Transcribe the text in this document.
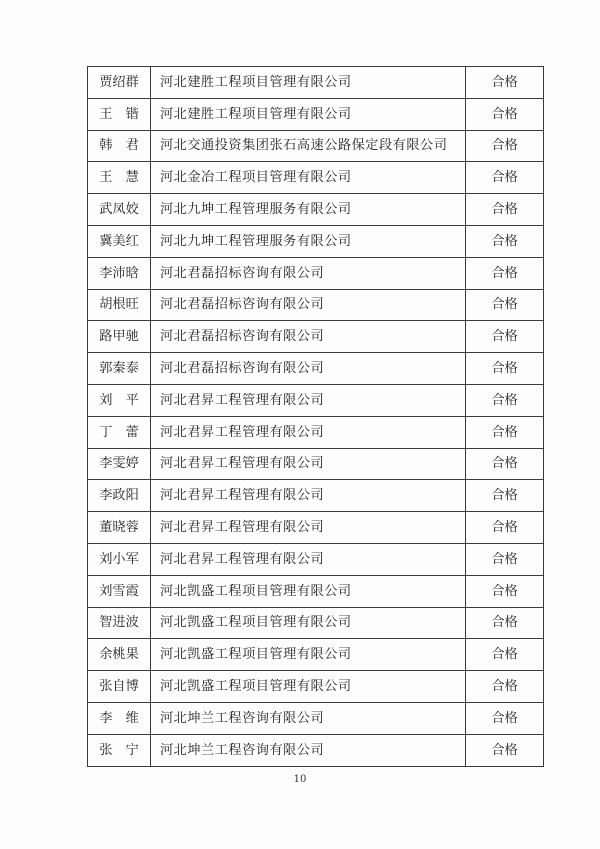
贾绍群	河北建胜工程项目管理有限公司	合格
王　锴	河北建胜工程项目管理有限公司	合格
韩　君	河北交通投资集团张石高速公路保定段有限公司	合格
王　慧	河北金冶工程项目管理有限公司	合格
武凤姣	河北九坤工程管理服务有限公司	合格
冀美红	河北九坤工程管理服务有限公司	合格
李沛晗	河北君磊招标咨询有限公司	合格
胡根旺	河北君磊招标咨询有限公司	合格
路甲驰	河北君磊招标咨询有限公司	合格
郭秦泰	河北君磊招标咨询有限公司	合格
刘　平	河北君昇工程管理有限公司	合格
丁　蕾	河北君昇工程管理有限公司	合格
李雯婷	河北君昇工程管理有限公司	合格
李政阳	河北君昇工程管理有限公司	合格
董晓蓉	河北君昇工程管理有限公司	合格
刘小军	河北君昇工程管理有限公司	合格
刘雪霞	河北凯盛工程项目管理有限公司	合格
智进波	河北凯盛工程项目管理有限公司	合格
余桃果	河北凯盛工程项目管理有限公司	合格
张自博	河北凯盛工程项目管理有限公司	合格
李　维	河北坤兰工程咨询有限公司	合格
张　宁	河北坤兰工程咨询有限公司	合格
10
